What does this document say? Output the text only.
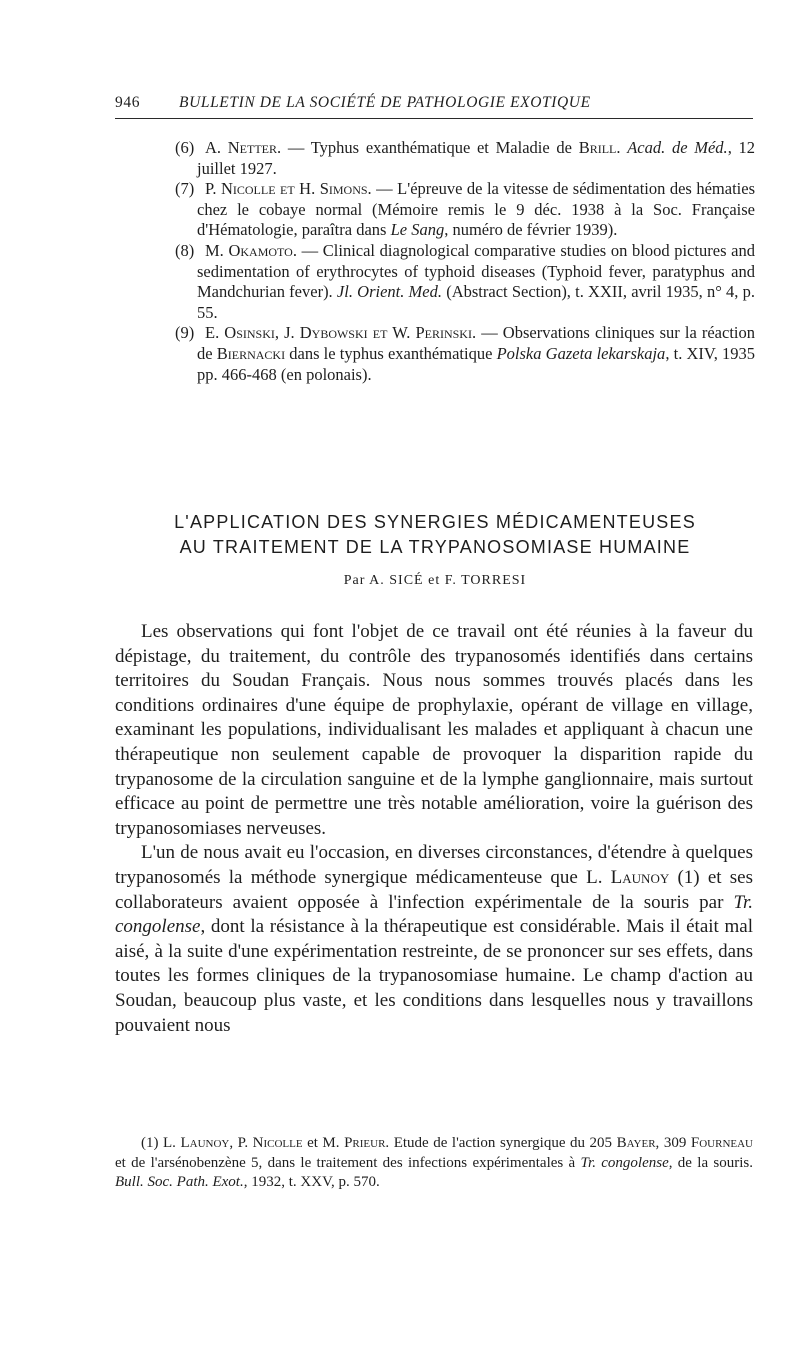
946	BULLETIN DE LA SOCIÉTÉ DE PATHOLOGIE EXOTIQUE
(6) A. Netter. — Typhus exanthématique et Maladie de Brill. Acad. de Méd., 12 juillet 1927.
(7) P. Nicolle et H. Simons. — L'épreuve de la vitesse de sédimentation des hématies chez le cobaye normal (Mémoire remis le 9 déc. 1938 à la Soc. Française d'Hématologie, paraîtra dans Le Sang, numéro de février 1939).
(8) M. Okamoto. — Clinical diagnological comparative studies on blood pictures and sedimentation of erythrocytes of typhoid diseases (Typhoid fever, paratyphus and Mandchurian fever). Jl. Orient. Med. (Abstract Section), t. XXII, avril 1935, n° 4, p. 55.
(9) E. Osinski, J. Dybowski et W. Perinski. — Observations cliniques sur la réaction de Biernacki dans le typhus exanthématique Polska Gazeta lekarskaja, t. XIV, 1935 pp. 466-468 (en polonais).
L'APPLICATION DES SYNERGIES MÉDICAMENTEUSES
AU TRAITEMENT DE LA TRYPANOSOMIASE HUMAINE
Par A. SICÉ et F. TORRESI

Les observations qui font l'objet de ce travail ont été réunies à la faveur du dépistage, du traitement, du contrôle des trypanosomés identifiés dans certains territoires du Soudan Français. Nous nous sommes trouvés placés dans les conditions ordinaires d'une équipe de prophylaxie, opérant de village en village, examinant les populations, individualisant les malades et appliquant à chacun une thérapeutique non seulement capable de provoquer la disparition rapide du trypanosome de la circulation sanguine et de la lymphe ganglionnaire, mais surtout efficace au point de permettre une très notable amélioration, voire la guérison des trypanosomiases nerveuses.

L'un de nous avait eu l'occasion, en diverses circonstances, d'étendre à quelques trypanosomés la méthode synergique médicamenteuse que L. Launoy (1) et ses collaborateurs avaient opposée à l'infection expérimentale de la souris par Tr. congolense, dont la résistance à la thérapeutique est considérable. Mais il était mal aisé, à la suite d'une expérimentation restreinte, de se prononcer sur ses effets, dans toutes les formes cliniques de la trypanosomiase humaine. Le champ d'action au Soudan, beaucoup plus vaste, et les conditions dans lesquelles nous y travaillons pouvaient nous

(1) L. Launoy, P. Nicolle et M. Prieur. Etude de l'action synergique du 205 Bayer, 309 Fourneau et de l'arsénobenzène 5, dans le traitement des infections expérimentales à Tr. congolense, de la souris. Bull. Soc. Path. Exot., 1932, t. XXV, p. 570.
